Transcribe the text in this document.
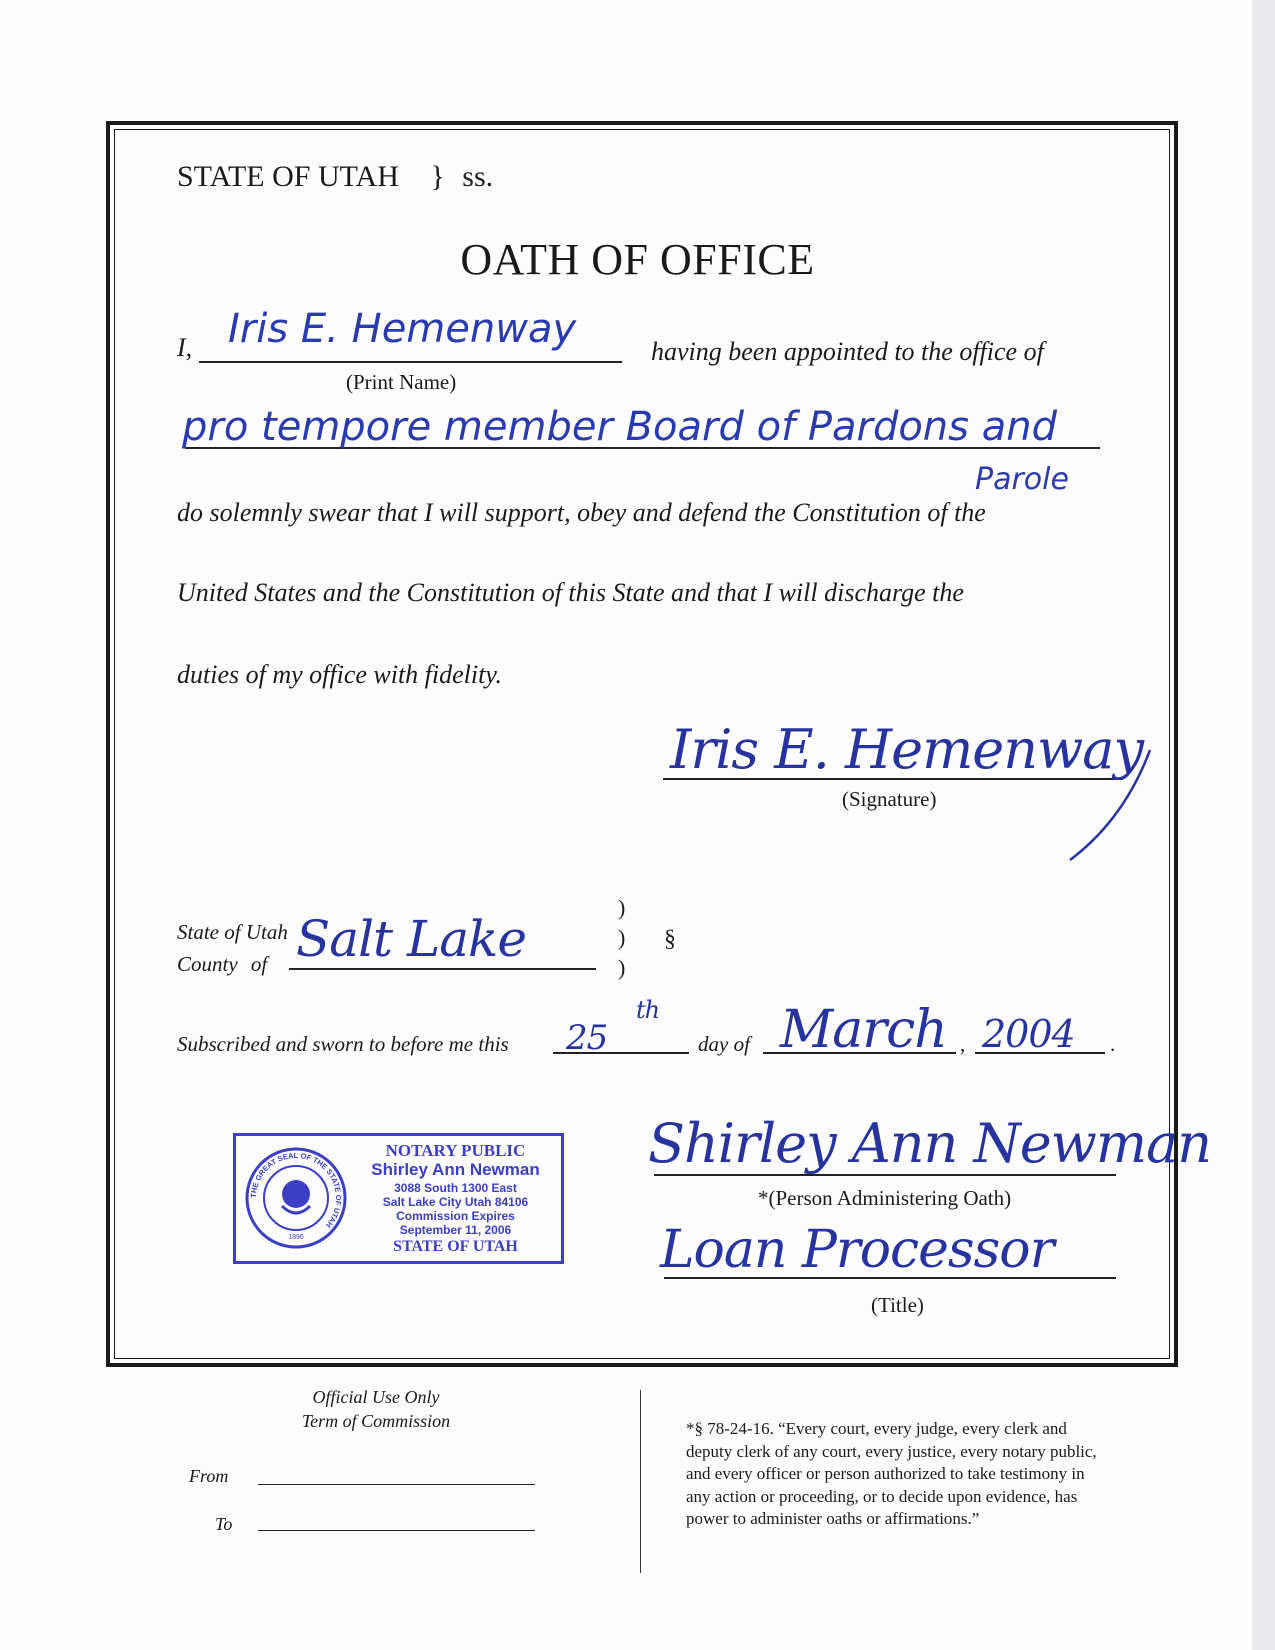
STATE OF UTAH } ss.
OATH OF OFFICE
I, Iris E. Hemenway
(Print Name)
having been appointed to the office of
pro tempore member Board of Pardons and
Parole
do solemnly swear that I will support, obey and defend the Constitution of the
United States and the Constitution of this State and that I will discharge the
duties of my office with fidelity.
Iris E. Hemenway
(Signature)
State of Utah
County of Salt Lake
)
)
)
§
Subscribed and sworn to before me this 25
th
day of March , 2004 .
THE GREAT SEAL OF THE STATE OF UTAH
1896
NOTARY PUBLIC
Shirley Ann Newman
3088 South 1300 East
Salt Lake City Utah 84106
Commission Expires
September 11, 2006
STATE OF UTAH
Shirley Ann Newman
*(Person Administering Oath)
Loan Processor
(Title)
Official Use Only
Term of Commission
From
To
*§ 78-24-16. “Every court, every judge, every clerk and
deputy clerk of any court, every justice, every notary public,
and every officer or person authorized to take testimony in
any action or proceeding, or to decide upon evidence, has
power to administer oaths or affirmations.”
